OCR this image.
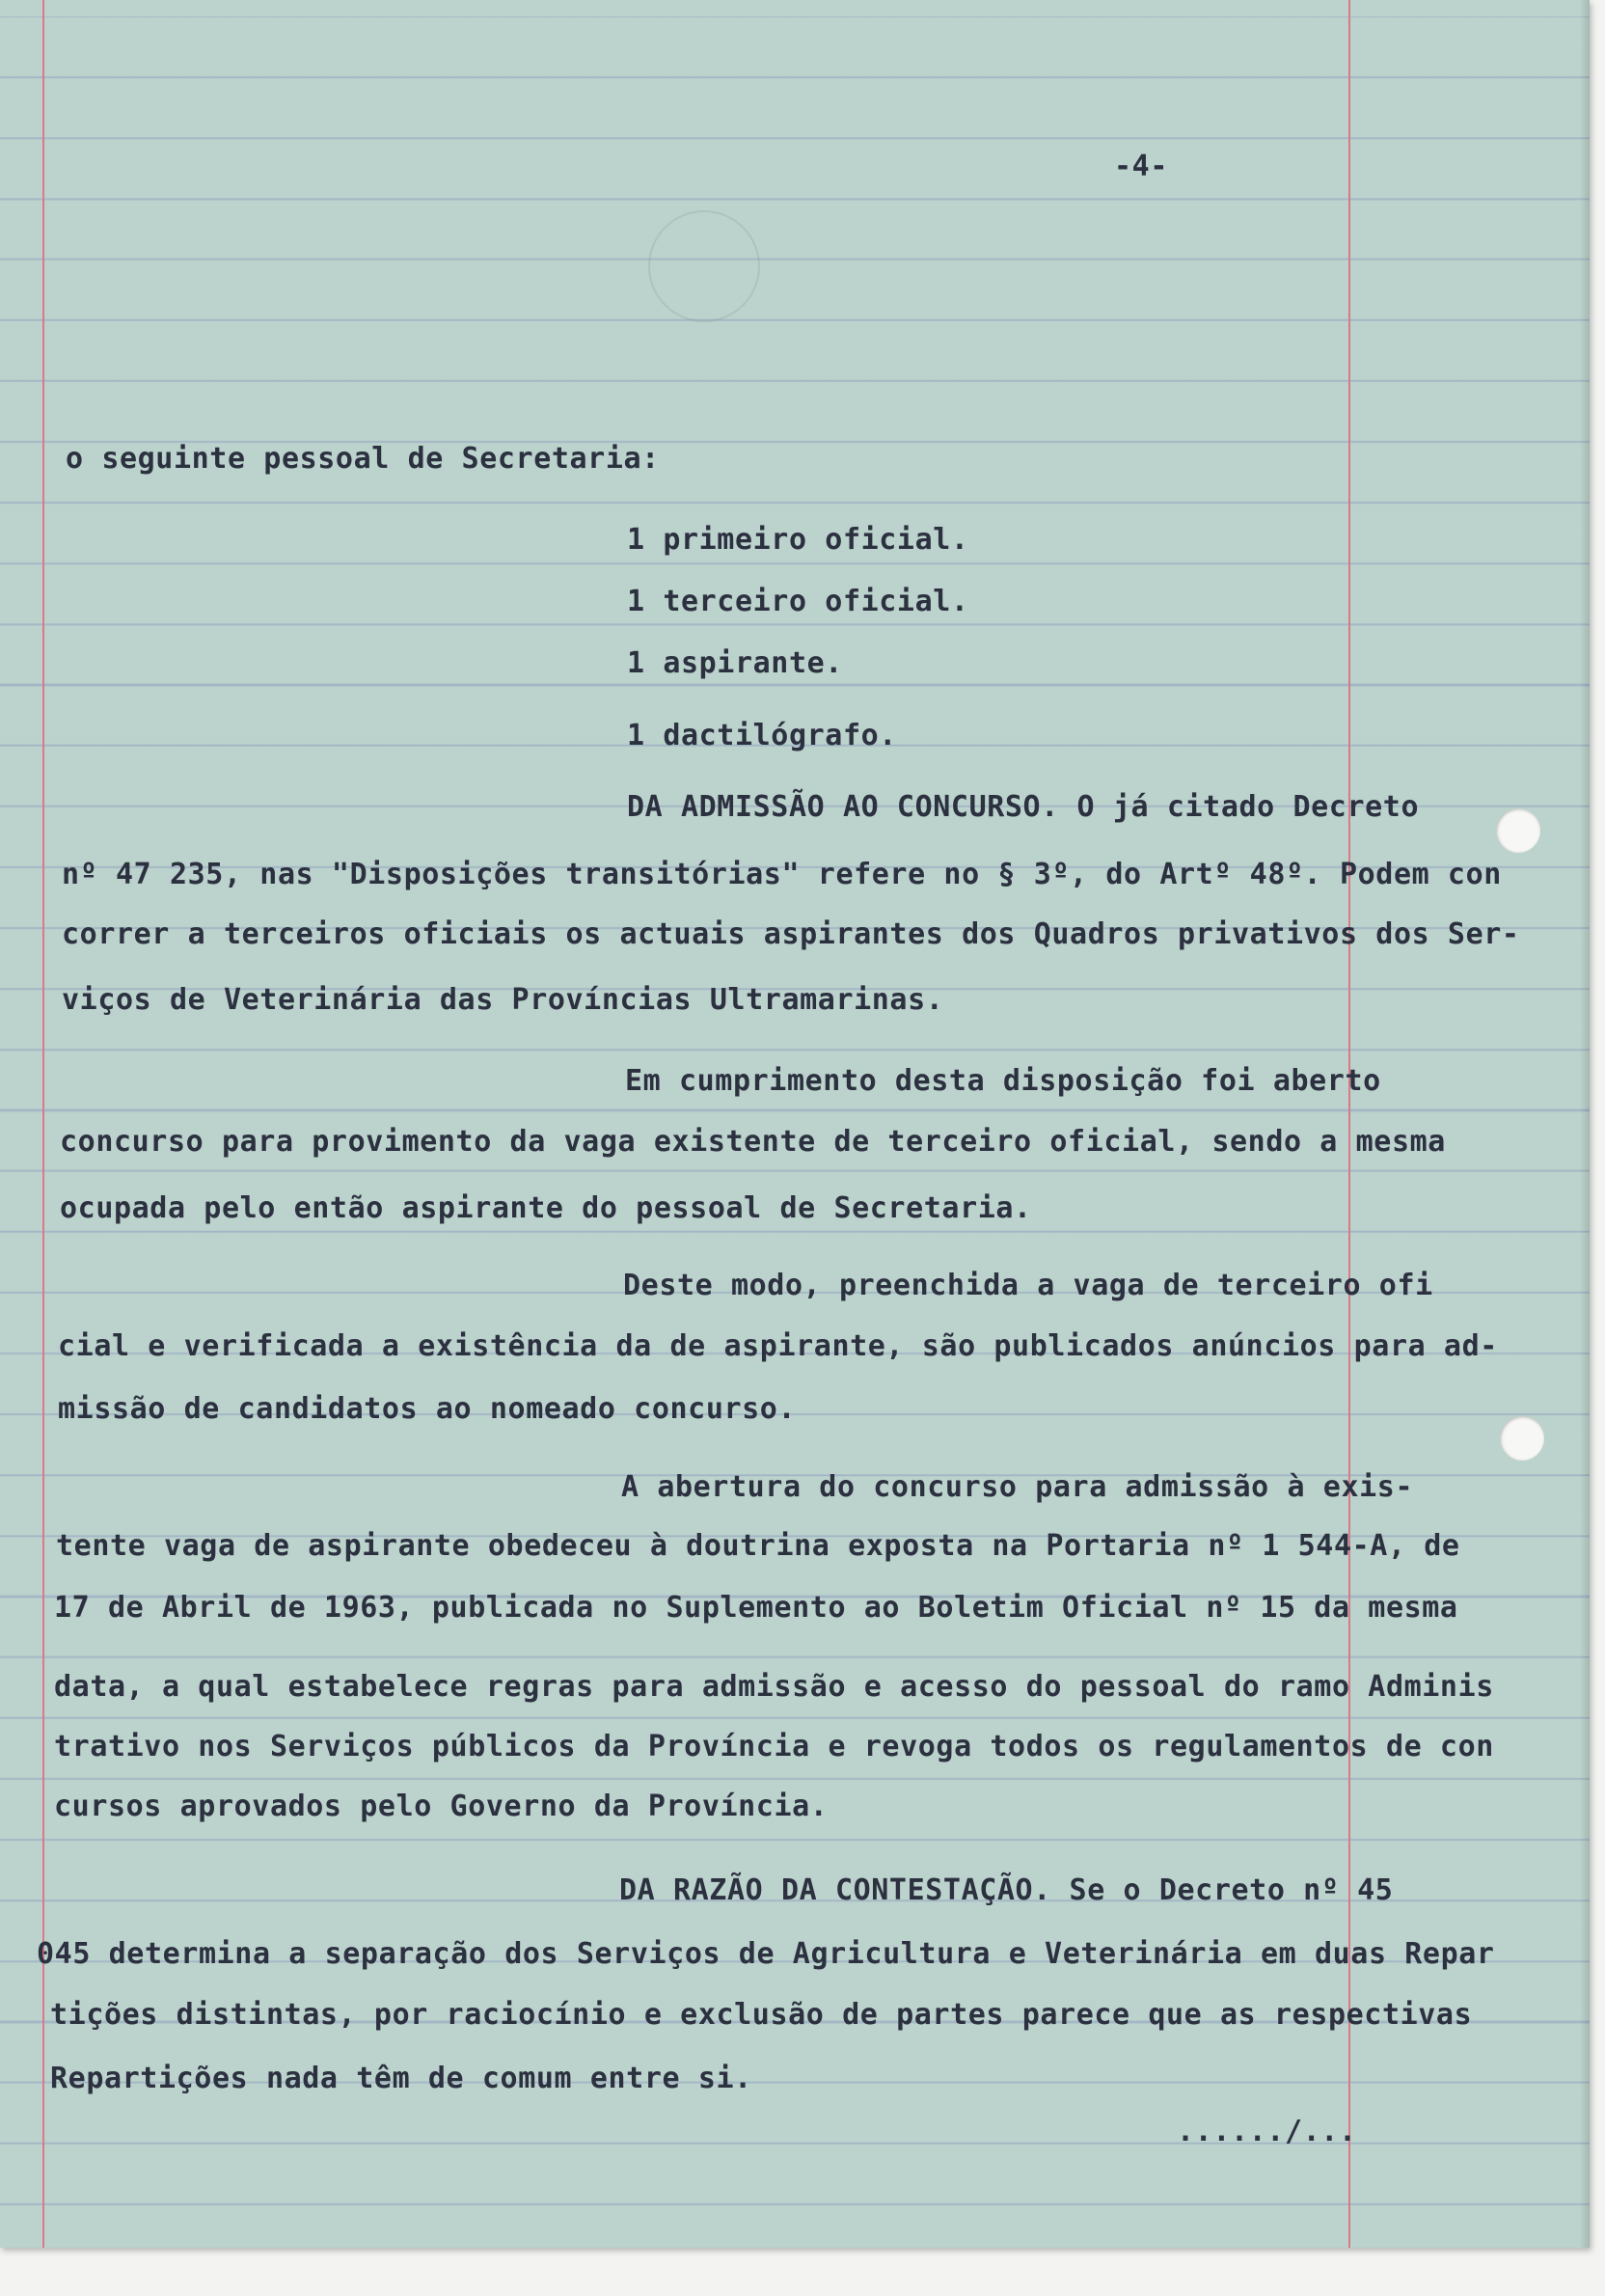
-4-
o seguinte pessoal de Secretaria:
1 primeiro oficial.
1 terceiro oficial.
1 aspirante.
1 dactilógrafo.
DA ADMISSÃO AO CONCURSO. O já citado Decreto
nº 47 235, nas "Disposições transitórias" refere no § 3º, do Artº 48º. Podem con
correr a terceiros oficiais os actuais aspirantes dos Quadros privativos dos Ser-
viços de Veterinária das Províncias Ultramarinas.
Em cumprimento desta disposição foi aberto
concurso para provimento da vaga existente de terceiro oficial, sendo a mesma
ocupada pelo então aspirante do pessoal de Secretaria.
Deste modo, preenchida a vaga de terceiro ofi
cial e verificada a existência da de aspirante, são publicados anúncios para ad-
missão de candidatos ao nomeado concurso.
A abertura do concurso para admissão à exis-
tente vaga de aspirante obedeceu à doutrina exposta na Portaria nº 1 544-A, de
17 de Abril de 1963, publicada no Suplemento ao Boletim Oficial nº 15 da mesma
data, a qual estabelece regras para admissão e acesso do pessoal do ramo Adminis
trativo nos Serviços públicos da Província e revoga todos os regulamentos de con
cursos aprovados pelo Governo da Província.
DA RAZÃO DA CONTESTAÇÃO. Se o Decreto nº 45
045 determina a separação dos Serviços de Agricultura e Veterinária em duas Repar
tições distintas, por raciocínio e exclusão de partes parece que as respectivas
Repartições nada têm de comum entre si.
....../...
